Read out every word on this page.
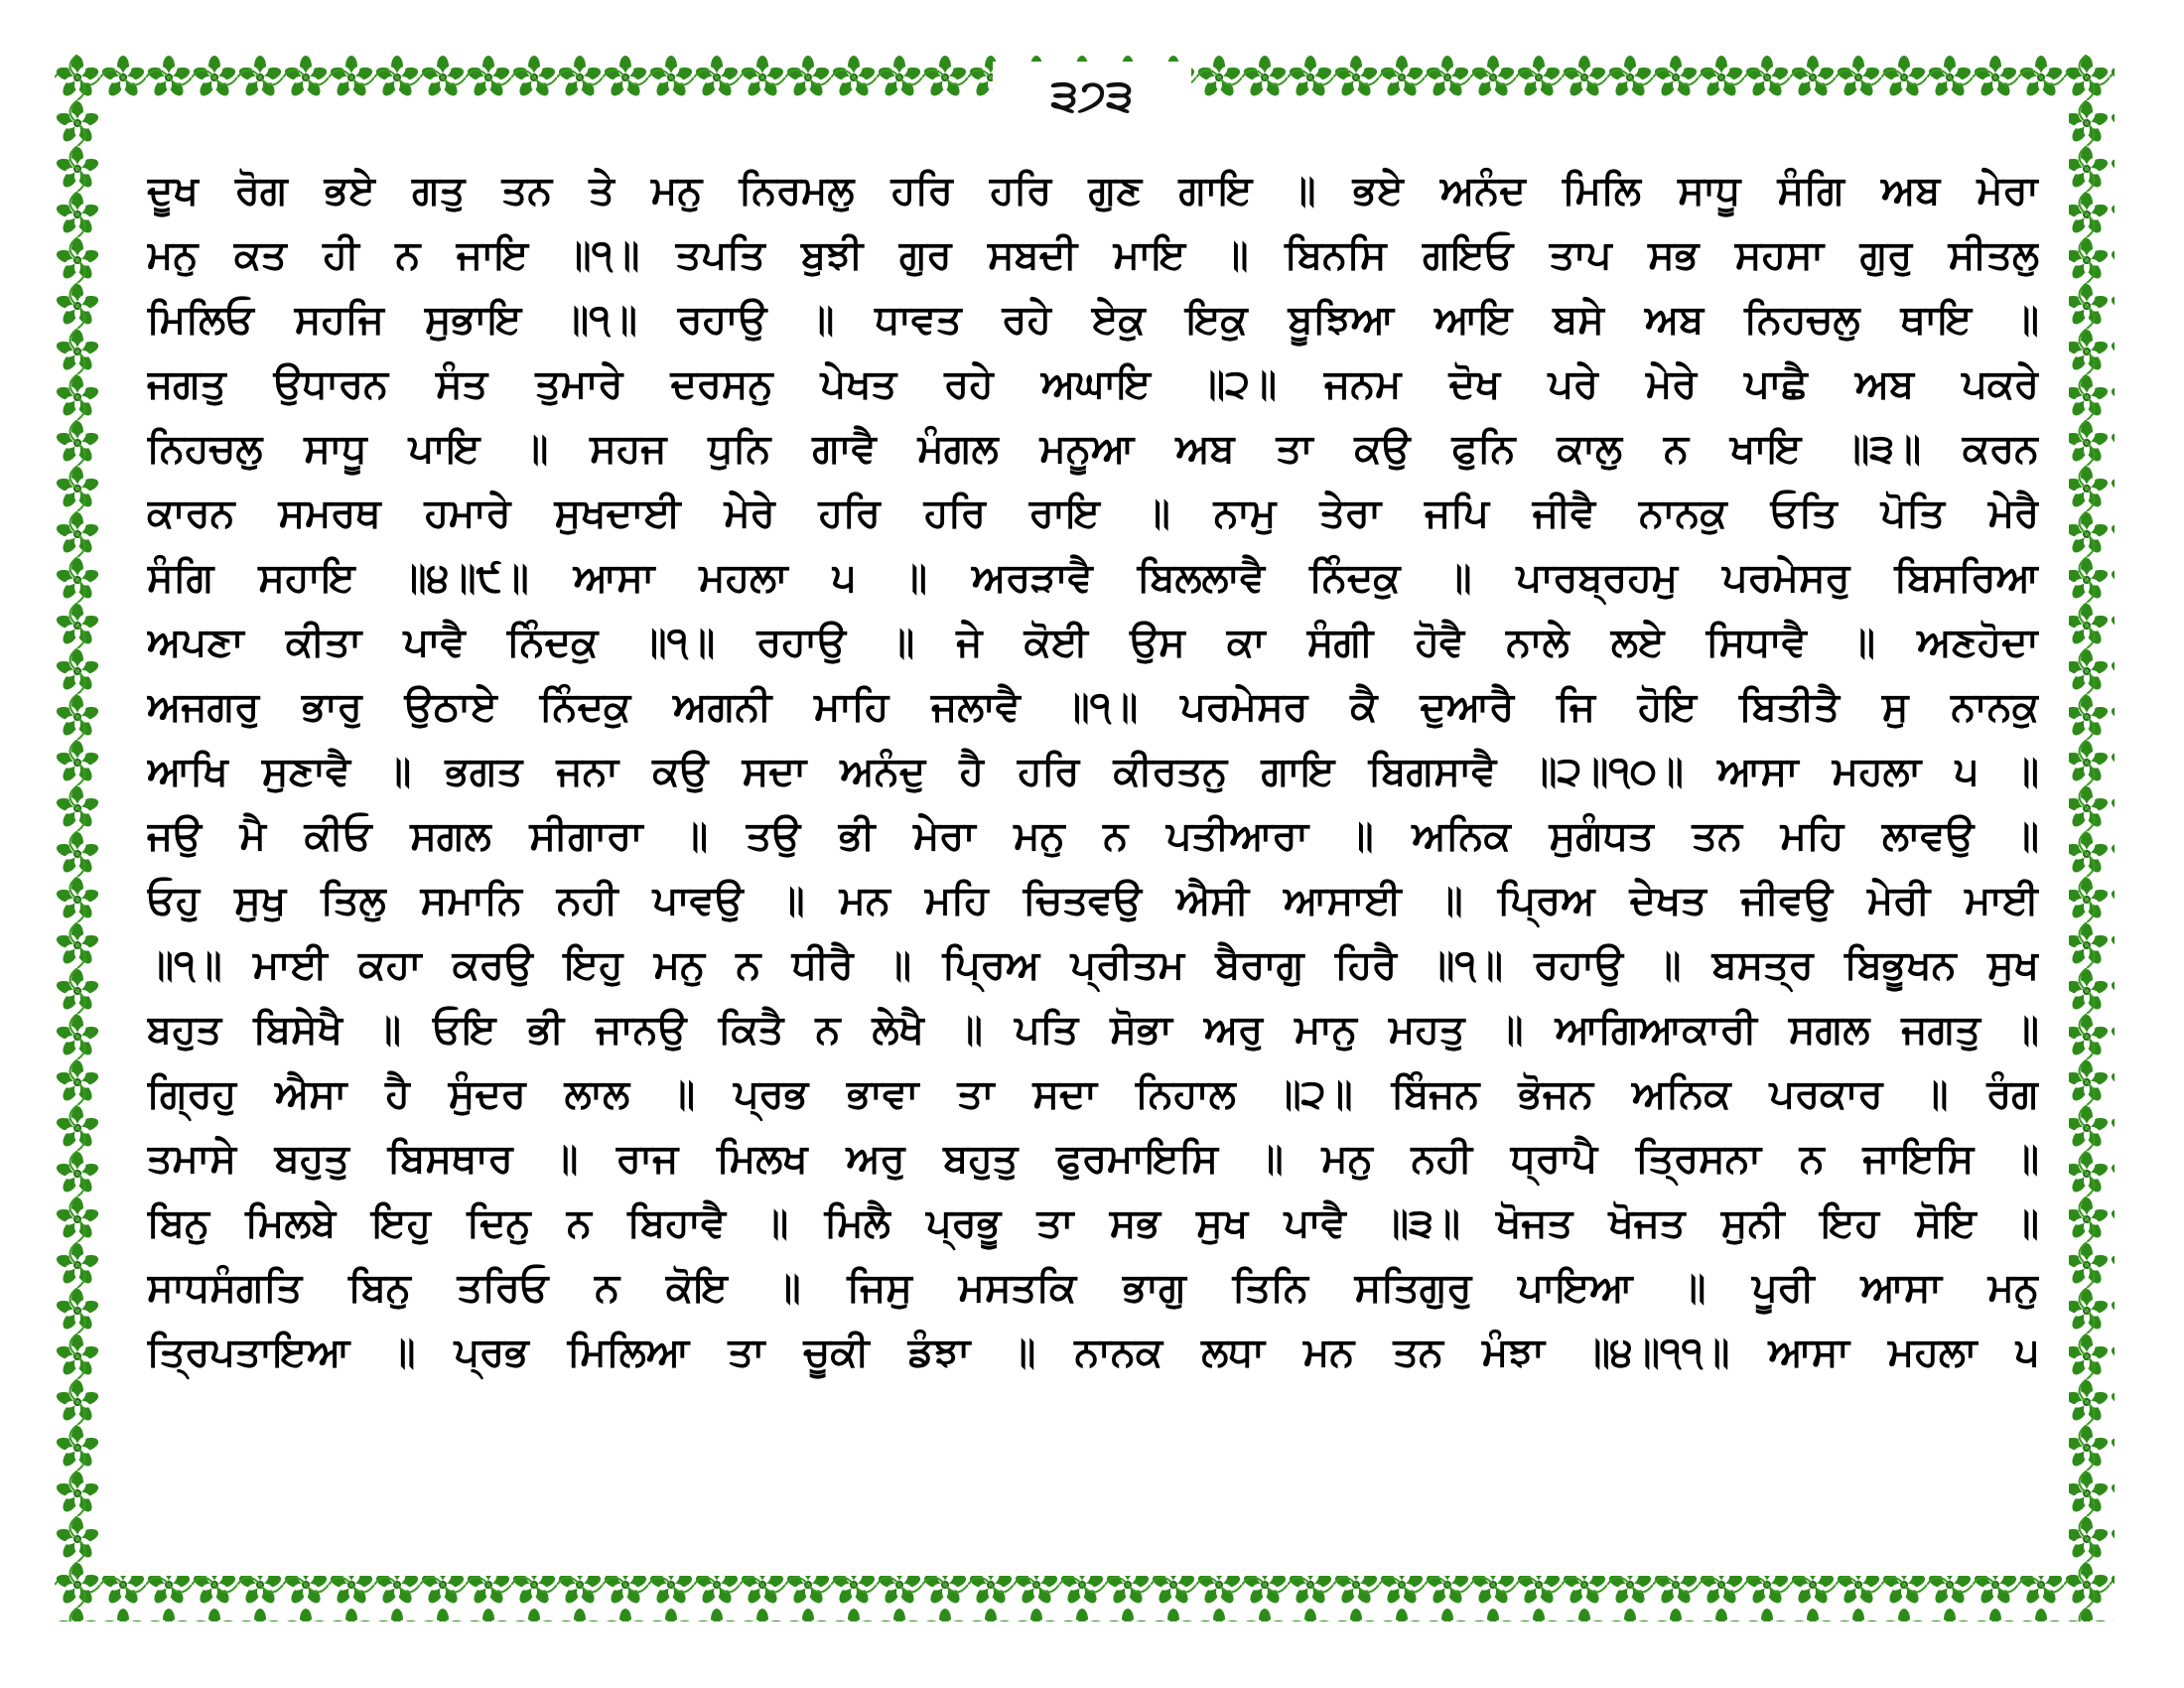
੩੭੩
ਦੂਖ ਰੋਗ ਭਏ ਗਤੁ ਤਨ ਤੇ ਮਨੁ ਨਿਰਮਲੁ ਹਰਿ ਹਰਿ ਗੁਣ ਗਾਇ ॥ ਭਏ ਅਨੰਦ ਮਿਲਿ ਸਾਧੂ ਸੰਗਿ ਅਬ ਮੇਰਾ
ਮਨੁ ਕਤ ਹੀ ਨ ਜਾਇ ॥੧॥ ਤਪਤਿ ਬੁਝੀ ਗੁਰ ਸਬਦੀ ਮਾਇ ॥ ਬਿਨਸਿ ਗਇਓ ਤਾਪ ਸਭ ਸਹਸਾ ਗੁਰੁ ਸੀਤਲੁ
ਮਿਲਿਓ ਸਹਜਿ ਸੁਭਾਇ ॥੧॥ ਰਹਾਉ ॥ ਧਾਵਤ ਰਹੇ ਏਕੁ ਇਕੁ ਬੂਝਿਆ ਆਇ ਬਸੇ ਅਬ ਨਿਹਚਲੁ ਥਾਇ ॥
ਜਗਤੁ ਉਧਾਰਨ ਸੰਤ ਤੁਮਾਰੇ ਦਰਸਨੁ ਪੇਖਤ ਰਹੇ ਅਘਾਇ ॥੨॥ ਜਨਮ ਦੋਖ ਪਰੇ ਮੇਰੇ ਪਾਛੈ ਅਬ ਪਕਰੇ
ਨਿਹਚਲੁ ਸਾਧੂ ਪਾਇ ॥ ਸਹਜ ਧੁਨਿ ਗਾਵੈ ਮੰਗਲ ਮਨੂਆ ਅਬ ਤਾ ਕਉ ਫੁਨਿ ਕਾਲੁ ਨ ਖਾਇ ॥੩॥ ਕਰਨ
ਕਾਰਨ ਸਮਰਥ ਹਮਾਰੇ ਸੁਖਦਾਈ ਮੇਰੇ ਹਰਿ ਹਰਿ ਰਾਇ ॥ ਨਾਮੁ ਤੇਰਾ ਜਪਿ ਜੀਵੈ ਨਾਨਕੁ ਓਤਿ ਪੋਤਿ ਮੇਰੈ
ਸੰਗਿ ਸਹਾਇ ॥੪॥੯॥ ਆਸਾ ਮਹਲਾ ੫ ॥ ਅਰੜਾਵੈ ਬਿਲਲਾਵੈ ਨਿੰਦਕੁ ॥ ਪਾਰਬ੍ਰਹਮੁ ਪਰਮੇਸਰੁ ਬਿਸਰਿਆ
ਅਪਣਾ ਕੀਤਾ ਪਾਵੈ ਨਿੰਦਕੁ ॥੧॥ ਰਹਾਉ ॥ ਜੇ ਕੋਈ ਉਸ ਕਾ ਸੰਗੀ ਹੋਵੈ ਨਾਲੇ ਲਏ ਸਿਧਾਵੈ ॥ ਅਣਹੋਦਾ
ਅਜਗਰੁ ਭਾਰੁ ਉਠਾਏ ਨਿੰਦਕੁ ਅਗਨੀ ਮਾਹਿ ਜਲਾਵੈ ॥੧॥ ਪਰਮੇਸਰ ਕੈ ਦੁਆਰੈ ਜਿ ਹੋਇ ਬਿਤੀਤੈ ਸੁ ਨਾਨਕੁ
ਆਖਿ ਸੁਣਾਵੈ ॥ ਭਗਤ ਜਨਾ ਕਉ ਸਦਾ ਅਨੰਦੁ ਹੈ ਹਰਿ ਕੀਰਤਨੁ ਗਾਇ ਬਿਗਸਾਵੈ ॥੨॥੧੦॥ ਆਸਾ ਮਹਲਾ ੫ ॥
ਜਉ ਮੈ ਕੀਓ ਸਗਲ ਸੀਗਾਰਾ ॥ ਤਉ ਭੀ ਮੇਰਾ ਮਨੁ ਨ ਪਤੀਆਰਾ ॥ ਅਨਿਕ ਸੁਗੰਧਤ ਤਨ ਮਹਿ ਲਾਵਉ ॥
ਓਹੁ ਸੁਖੁ ਤਿਲੁ ਸਮਾਨਿ ਨਹੀ ਪਾਵਉ ॥ ਮਨ ਮਹਿ ਚਿਤਵਉ ਐਸੀ ਆਸਾਈ ॥ ਪ੍ਰਿਅ ਦੇਖਤ ਜੀਵਉ ਮੇਰੀ ਮਾਈ
॥੧॥ ਮਾਈ ਕਹਾ ਕਰਉ ਇਹੁ ਮਨੁ ਨ ਧੀਰੈ ॥ ਪ੍ਰਿਅ ਪ੍ਰੀਤਮ ਬੈਰਾਗੁ ਹਿਰੈ ॥੧॥ ਰਹਾਉ ॥ ਬਸਤ੍ਰ ਬਿਭੂਖਨ ਸੁਖ
ਬਹੁਤ ਬਿਸੇਖੈ ॥ ਓਇ ਭੀ ਜਾਨਉ ਕਿਤੈ ਨ ਲੇਖੈ ॥ ਪਤਿ ਸੋਭਾ ਅਰੁ ਮਾਨੁ ਮਹਤੁ ॥ ਆਗਿਆਕਾਰੀ ਸਗਲ ਜਗਤੁ ॥
ਗ੍ਰਿਹੁ ਐਸਾ ਹੈ ਸੁੰਦਰ ਲਾਲ ॥ ਪ੍ਰਭ ਭਾਵਾ ਤਾ ਸਦਾ ਨਿਹਾਲ ॥੨॥ ਬਿੰਜਨ ਭੋਜਨ ਅਨਿਕ ਪਰਕਾਰ ॥ ਰੰਗ
ਤਮਾਸੇ ਬਹੁਤੁ ਬਿਸਥਾਰ ॥ ਰਾਜ ਮਿਲਖ ਅਰੁ ਬਹੁਤੁ ਫੁਰਮਾਇਸਿ ॥ ਮਨੁ ਨਹੀ ਧ੍ਰਾਪੈ ਤ੍ਰਿਸਨਾ ਨ ਜਾਇਸਿ ॥
ਬਿਨੁ ਮਿਲਬੇ ਇਹੁ ਦਿਨੁ ਨ ਬਿਹਾਵੈ ॥ ਮਿਲੈ ਪ੍ਰਭੂ ਤਾ ਸਭ ਸੁਖ ਪਾਵੈ ॥੩॥ ਖੋਜਤ ਖੋਜਤ ਸੁਨੀ ਇਹ ਸੋਇ ॥
ਸਾਧਸੰਗਤਿ ਬਿਨੁ ਤਰਿਓ ਨ ਕੋਇ ॥ ਜਿਸੁ ਮਸਤਕਿ ਭਾਗੁ ਤਿਨਿ ਸਤਿਗੁਰੁ ਪਾਇਆ ॥ ਪੂਰੀ ਆਸਾ ਮਨੁ
ਤ੍ਰਿਪਤਾਇਆ ॥ ਪ੍ਰਭ ਮਿਲਿਆ ਤਾ ਚੂਕੀ ਡੰਝਾ ॥ ਨਾਨਕ ਲਧਾ ਮਨ ਤਨ ਮੰਝਾ ॥੪॥੧੧॥ ਆਸਾ ਮਹਲਾ ੫
